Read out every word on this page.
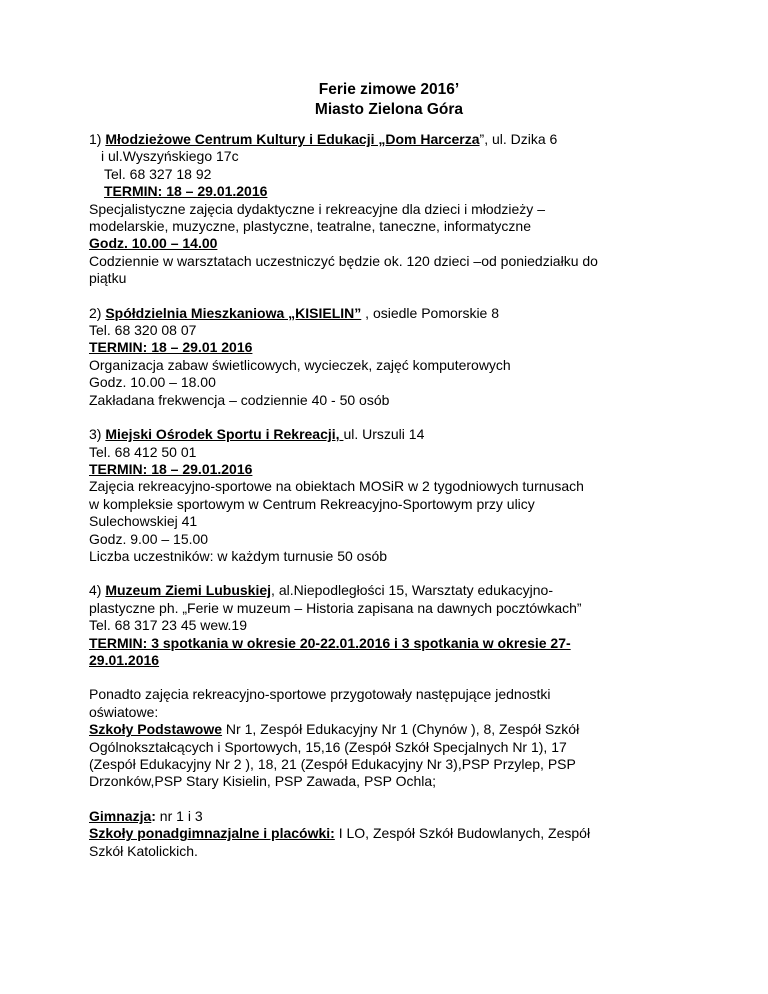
Ferie zimowe 2016’
Miasto Zielona Góra

1) Młodzieżowe Centrum Kultury i Edukacji „Dom Harcerza”, ul. Dzika 6

i ul.Wyszyńskiego 17c

Tel. 68 327 18 92

TERMIN: 18 – 29.01.2016

Specjalistyczne zajęcia dydaktyczne i rekreacyjne dla dzieci i młodzieży –

modelarskie, muzyczne, plastyczne, teatralne, taneczne, informatyczne

Godz. 10.00 – 14.00

Codziennie w warsztatach uczestniczyć będzie ok. 120 dzieci –od poniedziałku do

piątku

2) Spółdzielnia Mieszkaniowa „KISIELIN” , osiedle Pomorskie 8

Tel. 68 320 08 07

TERMIN: 18 – 29.01 2016

Organizacja zabaw świetlicowych, wycieczek, zajęć komputerowych

Godz. 10.00 – 18.00

Zakładana frekwencja – codziennie 40 - 50 osób

3) Miejski Ośrodek Sportu i Rekreacji, ul. Urszuli 14

Tel. 68 412 50 01

TERMIN: 18 – 29.01.2016

Zajęcia rekreacyjno-sportowe na obiektach MOSiR w 2 tygodniowych turnusach

w kompleksie sportowym w Centrum Rekreacyjno-Sportowym przy ulicy

Sulechowskiej 41

Godz. 9.00 – 15.00

Liczba uczestników: w każdym turnusie 50 osób

4) Muzeum Ziemi Lubuskiej, al.Niepodległości 15, Warsztaty edukacyjno-

plastyczne ph. „Ferie w muzeum – Historia zapisana na dawnych pocztówkach”

Tel. 68 317 23 45 wew.19

TERMIN: 3 spotkania w okresie 20-22.01.2016 i 3 spotkania w okresie 27-

29.01.2016

Ponadto zajęcia rekreacyjno-sportowe przygotowały następujące jednostki

oświatowe:

Szkoły Podstawowe Nr 1, Zespół Edukacyjny Nr 1 (Chynów ), 8, Zespół Szkół

Ogólnokształcących i Sportowych, 15,16 (Zespół Szkół Specjalnych Nr 1), 17

(Zespół Edukacyjny Nr 2 ), 18, 21 (Zespół Edukacyjny Nr 3),PSP Przylep, PSP

Drzonków,PSP Stary Kisielin, PSP Zawada, PSP Ochla;

Gimnazja: nr 1 i 3

Szkoły ponadgimnazjalne i placówki: I LO, Zespół Szkół Budowlanych, Zespół

Szkół Katolickich.
